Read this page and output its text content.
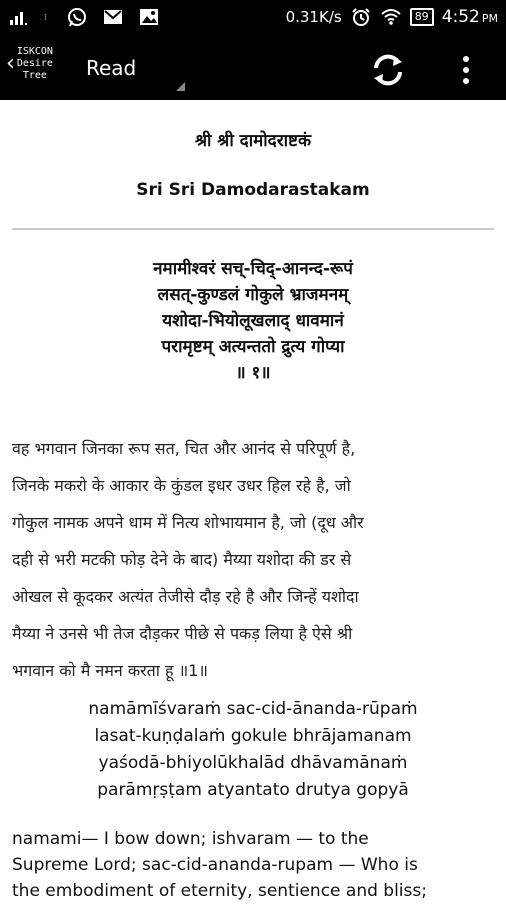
0.31K/s	89 4:52 PM
‹ ISKCON
Desire
Tree	Read
श्री श्री दामोदराष्टकं
Sri Sri Damodarastakam
नमामीश्वरं सच्-चिद्-आनन्द-रूपं
लसत्-कुण्डलं गोकुले भ्राजमनम्
यशोदा-भियोलूखलाद् धावमानं
परामृष्टम् अत्यन्ततो द्रुत्य गोप्या
॥ १॥
वह भगवान जिनका रूप सत, चित और आनंद से परिपूर्ण है,
जिनके मकरो के आकार के कुंडल इधर उधर हिल रहे है, जो
गोकुल नामक अपने धाम में नित्य शोभायमान है, जो (दूध और
दही से भरी मटकी फोड़ देने के बाद) मैय्या यशोदा की डर से
ओखल से कूदकर अत्यंत तेजीसे दौड़ रहे है और जिन्हें यशोदा
मैय्या ने उनसे भी तेज दौड़कर पीछे से पकड़ लिया है ऐसे श्री
भगवान को मै नमन करता हू ॥1॥
namāmīśvaraṁ sac-cid-ānanda-rūpaṁ
lasat-kuṇḍalaṁ gokule bhrājamanam
yaśodā-bhiyolūkhalād dhāvamānaṁ
parāmṛṣṭam atyantato drutya gopyā
namami— I bow down; ishvaram — to the
Supreme Lord; sac-cid-ananda-rupam — Who is
the embodiment of eternity, sentience and bliss;
